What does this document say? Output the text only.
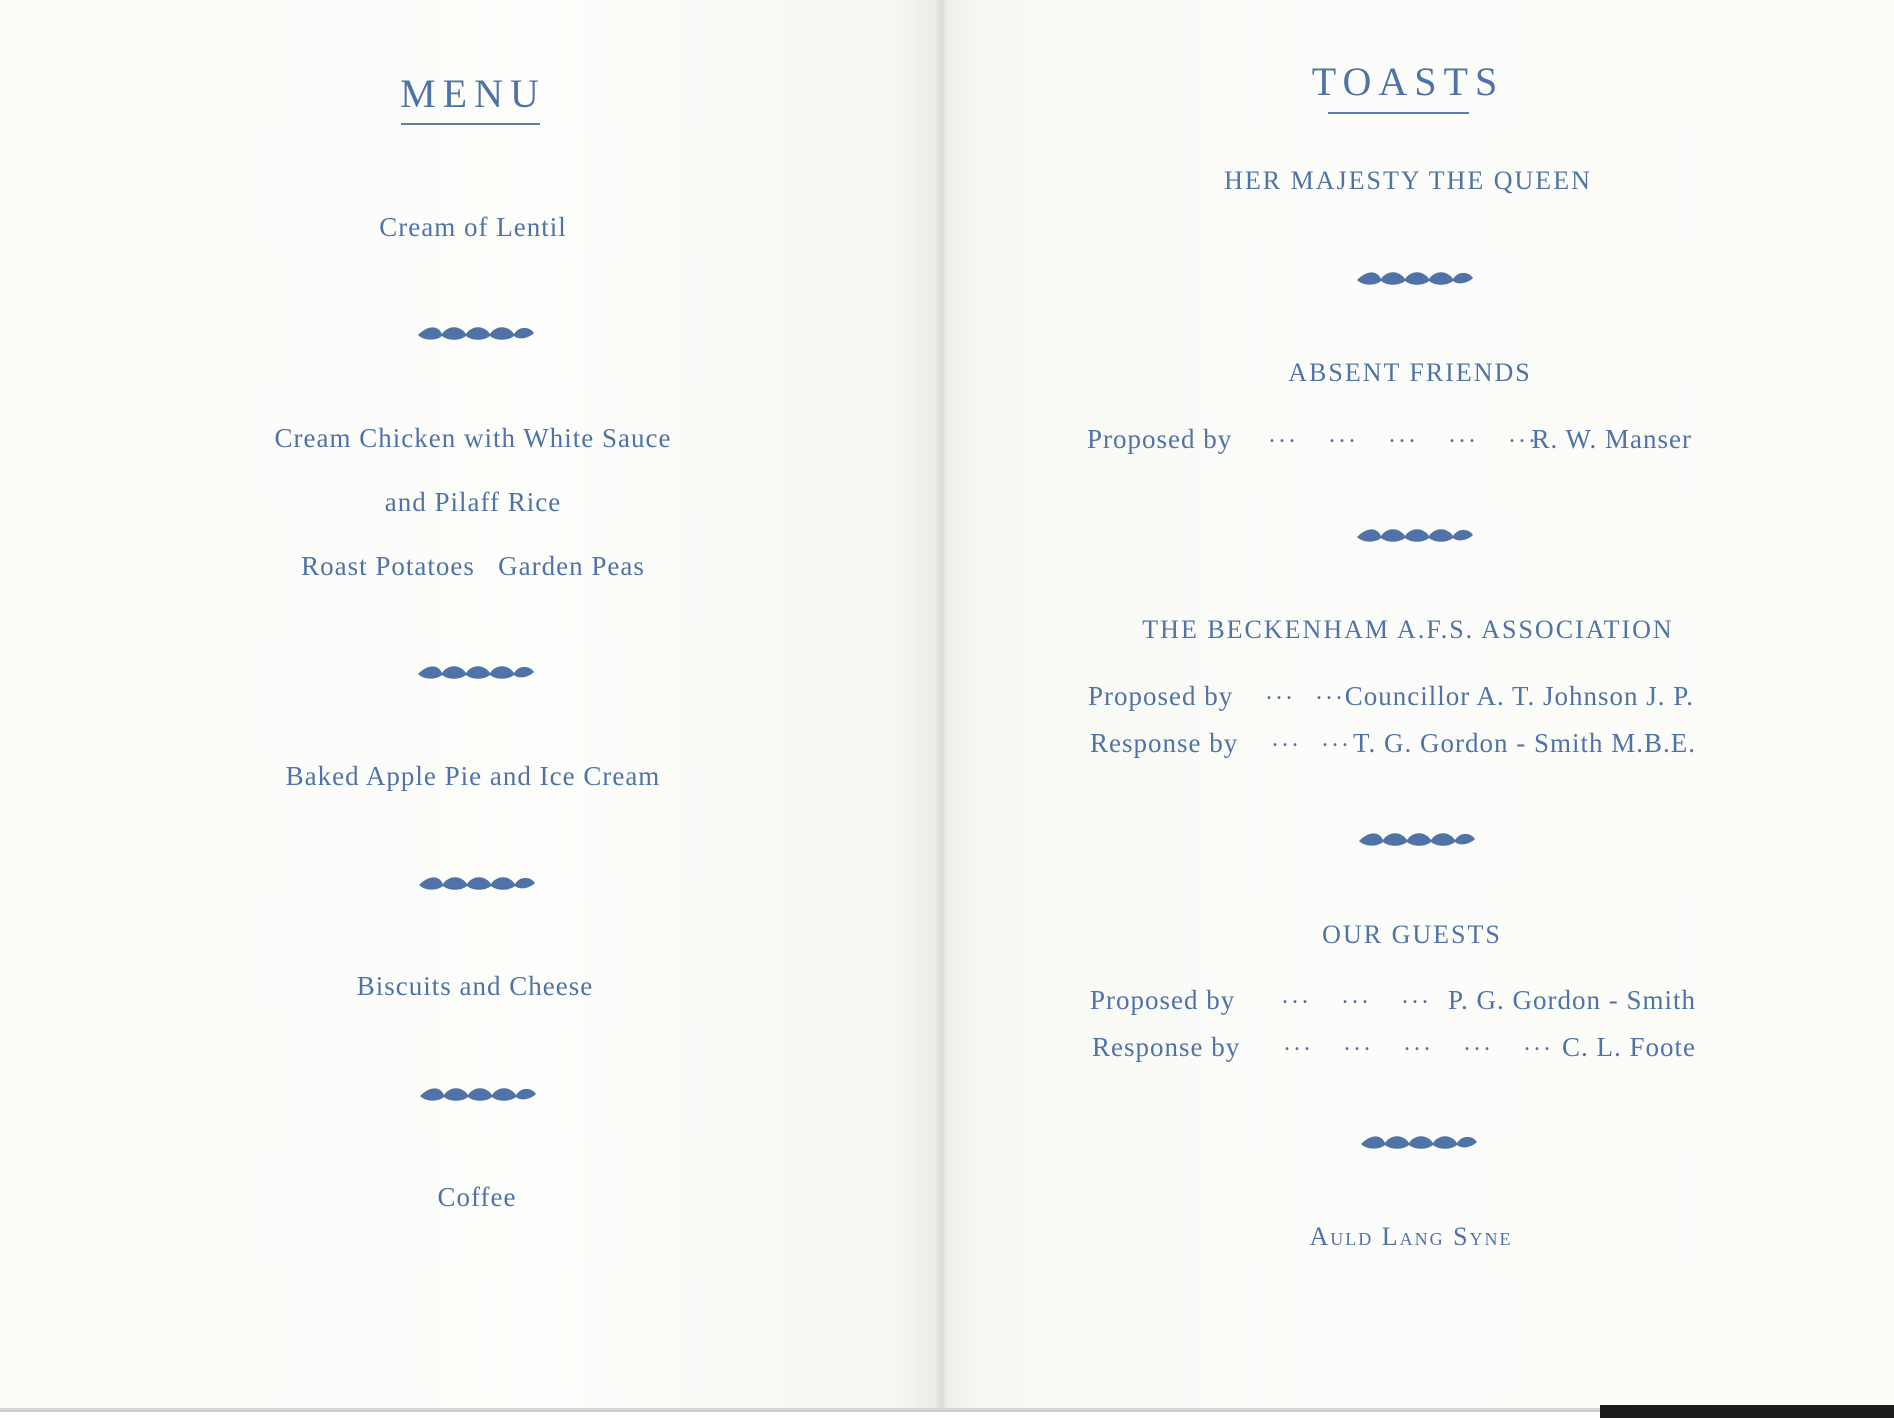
MENU
Cream of Lentil
Cream Chicken with White Sauce
and Pilaff Rice
Roast Potatoes   Garden Peas
Baked Apple Pie and Ice Cream
Biscuits and Cheese
Coffee
TOASTS
HER MAJESTY THE QUEEN
ABSENT FRIENDS
Proposed by ...   ...   ...   ...   ...
R. W. Manser
THE BECKENHAM A.F.S. ASSOCIATION
Proposed by ...  ...
Councillor A. T. Johnson J. P.
Response by ...  ... T. G. Gordon - Smith M.B.E.
OUR GUESTS
Proposed by ...   ...   ... P. G. Gordon - Smith
Response by ...   ...   ...   ...   ... C. L. Foote
Auld Lang Syne
